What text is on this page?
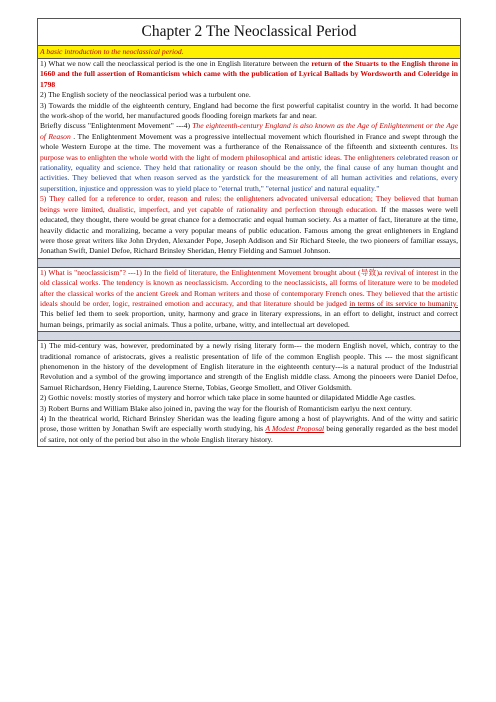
Chapter 2 The Neoclassical Period
A basic introduction to the neoclassical period.

1) What we now call the neoclassical period is the one in English literature between the return of the Stuarts to the English throne in 1660 and the full assertion of Romanticism which came with the publication of Lyrical Ballads by Wordsworth and Coleridge in 1798

2) The English society of the neoclassical period was a turbulent one.

3) Towards the middle of the eighteenth century, England had become the first powerful capitalist country in the world. It had become the work-shop of the world, her manufactured goods flooding foreign markets far and near.

Briefly discuss "Enlightenment Movement" ---4) The eighteenth-century England is also known as the Age of Enlightenment or the Age of Reason . The Enlightenment Movement was a progressive intellectual movement which flourished in France and swept through the whole Western Europe at the time. The movement was a furtherance of the Renaissance of the fifteenth and sixteenth centures. Its purpose was to enlighten the whole world with the light of modern philosophical and artistic ideas. The enlighteners celebrated reason or rationality, equality and science. They held that rationality or reason should be the only, the final cause of any human thought and activities. They believed that when reason served as the yardstick for the measurement of all human activities and relations, every superstition, injustice and oppression was to yield place to "eternal truth," "eternal justice' and natural equality."

5) They called for a reference to order, reason and rules: the enlighteners advocated universal education; They believed that human beings were limited, dualistic, imperfect, and yet capable of rationality and perfection through education. If the masses were well educated, they thought, there would be great chance for a democratic and equal human society. As a matter of fact, literature at the time, heavily didactic and moralizing, became a very popular means of public education. Famous among the great enlighteners in England were those great writers like John Dryden, Alexander Pope, Joseph Addison and Sir Richard Steele, the two pioneers of familiar essays, Jonathan Swift, Daniel Defoe, Richard Brinsley Sheridan, Henry Fielding and Samuel Johnson.

1) What is "neoclassicism"? ---1) In the field of literature, the Enlightenment Movement brought about (导致)a revival of interest in the old classical works. The tendency is known as neoclassicism. According to the neoclassicists, all forms of literature were to be modeled after the classical works of the ancient Greek and Roman writers and those of contemporary French ones. They believed that the artistic ideals should be order, logic, restrained emotion and accuracy, and that literature should be judged in terms of its service to humanity. This belief led them to seek proportion, unity, harmony and grace in literary expressions, in an effort to delight, instruct and correct human beings, primarily as social animals. Thus a polite, urbane, witty, and intellectual art developed.

1) The mid-century was, however, predominated by a newly rising literary form--- the modern English novel, which, contray to the traditional romance of aristocrats, gives a realistic presentation of life of the common English people. This --- the most significant phenomenon in the history of the development of English literature in the eighteenth century---is a natural product of the Industrial Revolution and a symbol of the growing importance and strength of the English middle class. Among the pinoeers were Daniel Defoe, Samuel Richardson, Henry Fielding, Laurence Sterne, Tobias, George Smollett, and Oliver Goldsmith.

2) Gothic novels: mostly stories of mystery and horror which take place in some haunted or dilapidated Middle Age castles.

3) Robert Burns and William Blake also joined in, paving the way for the flourish of Romanticism earlyu the next century.

4) In the theatrical world, Richard Brinsley Sheridan was the leading figure among a host of playwrights. And of the witty and satiric prose, those written by Jonathan Swift are especially worth studying, his A Modest Proposal being generally regarded as the best model of satire, not only of the period but also in the whole English literary history.
